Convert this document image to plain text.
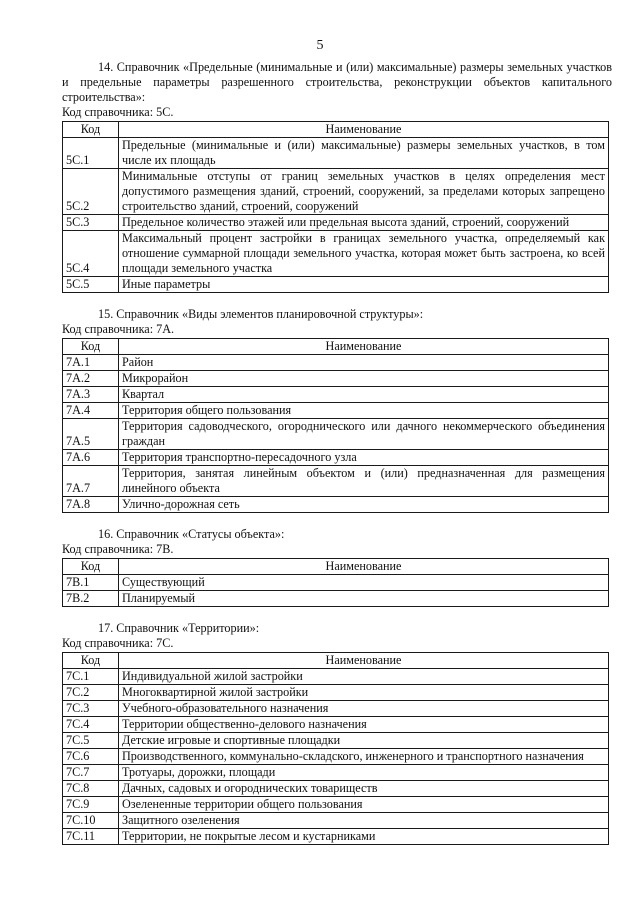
5

14. Справочник «Предельные (минимальные и (или) максимальные) размеры земельных участков и предельные параметры разрешенного строительства, реконструкции объектов капитального строительства»:

Код справочника: 5С.

Код	Наименование
5С.1	Предельные (минимальные и (или) максимальные) размеры земельных участков, в том числе их площадь
5С.2	Минимальные отступы от границ земельных участков в целях определения мест допустимого размещения зданий, строений, сооружений, за пределами которых запрещено строительство зданий, строений, сооружений
5С.3	Предельное количество этажей или предельная высота зданий, строений, сооружений
5С.4	Максимальный процент застройки в границах земельного участка, определяемый как отношение суммарной площади земельного участка, которая может быть застроена, ко всей площади земельного участка
5С.5	Иные параметры

15. Справочник «Виды элементов планировочной структуры»:

Код справочника: 7А.

Код	Наименование
7А.1	Район
7А.2	Микрорайон
7А.3	Квартал
7А.4	Территория общего пользования
7А.5	Территория садоводческого, огороднического или дачного некоммерческого объединения граждан
7А.6	Территория транспортно-пересадочного узла
7А.7	Территория, занятая линейным объектом и (или) предназначенная для размещения линейного объекта
7А.8	Улично-дорожная сеть

16. Справочник «Статусы объекта»:

Код справочника: 7В.

Код	Наименование
7В.1	Существующий
7В.2	Планируемый

17. Справочник «Территории»:

Код справочника: 7С.

Код	Наименование
7С.1	Индивидуальной жилой застройки
7С.2	Многоквартирной жилой застройки
7С.3	Учебного-образовательного назначения
7С.4	Территории общественно-делового назначения
7С.5	Детские игровые и спортивные площадки
7С.6	Производственного, коммунально-складского, инженерного и транспортного назначения
7С.7	Тротуары, дорожки, площади
7С.8	Дачных, садовых и огороднических товариществ
7С.9	Озелененные территории общего пользования
7С.10	Защитного озеленения
7С.11	Территории, не покрытые лесом и кустарниками
